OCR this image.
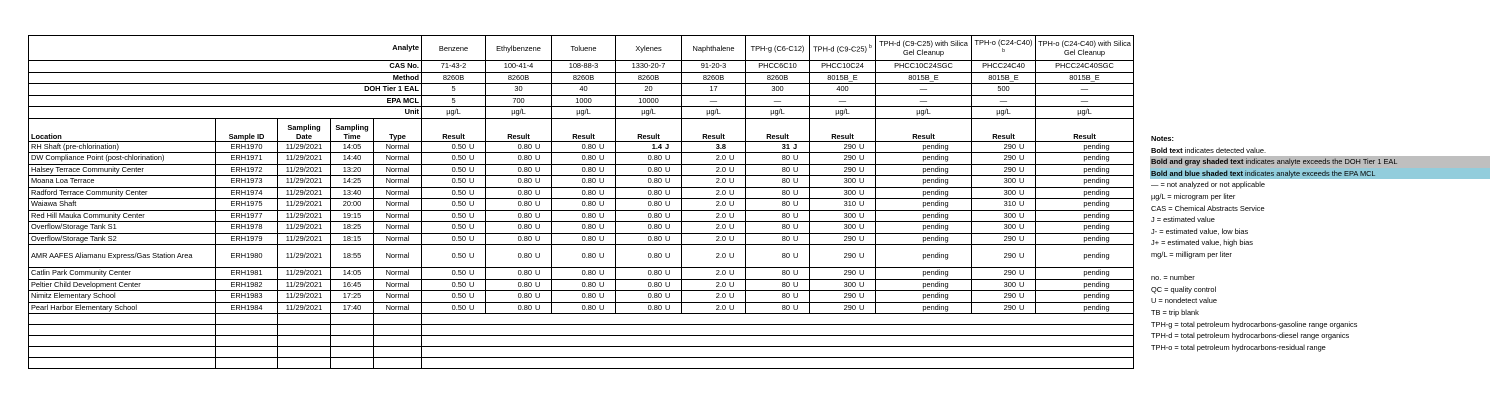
Analyte					Benzene	Ethylbenzene	Toluene	Xylenes	Naphthalene	TPH-g (C6-C12)	TPH-d (C9-C25) $^b$	TPH-d (C9-C25) with Silica Gel Cleanup	TPH-o (C24-C40) $^b$	TPH-o (C24-C40) with Silica Gel Cleanup
CAS No.					71-43-2	100-41-4	108-88-3	1330-20-7	91-20-3	PHCC6C10	PHCC10C24	PHCC10C24SGC	PHCC24C40	PHCC24C40SGC
Method					8260B	8260B	8260B	8260B	8260B	8260B	8015B_E	8015B_E	8015B_E	8015B_E
DOH Tier 1 EAL					5	30	40	20	17	300	400	—	500	—
EPA MCL					5	700	1000	10000	—	—	—	—	—	—
Unit					µg/L	µg/L	µg/L	µg/L	µg/L	µg/L	µg/L	µg/L	µg/L	µg/L
Location	Sample ID	Sampling Date	Sampling Time	Type	Result	Result	Result	Result	Result	Result	Result	Result	Result	Result
RH Shaft (pre-chlorination)	ERH1970	11/29/2021	14:05	Normal	0.50 U	0.80 U	0.80 U	1.4 J	3.8	31 J	290 U	pending	290 U	pending
DW Compliance Point (post-chlorination)	ERH1971	11/29/2021	14:40	Normal	0.50 U	0.80 U	0.80 U	0.80 U	2.0 U	80 U	290 U	pending	290 U	pending
Halsey Terrace Community Center	ERH1972	11/29/2021	13:20	Normal	0.50 U	0.80 U	0.80 U	0.80 U	2.0 U	80 U	290 U	pending	290 U	pending
Moana Loa Terrace	ERH1973	11/29/2021	14:25	Normal	0.50 U	0.80 U	0.80 U	0.80 U	2.0 U	80 U	300 U	pending	300 U	pending
Radford Terrace Community Center	ERH1974	11/29/2021	13:40	Normal	0.50 U	0.80 U	0.80 U	0.80 U	2.0 U	80 U	300 U	pending	300 U	pending
Waiawa Shaft	ERH1975	11/29/2021	20:00	Normal	0.50 U	0.80 U	0.80 U	0.80 U	2.0 U	80 U	310 U	pending	310 U	pending
Red Hill Mauka Community Center	ERH1977	11/29/2021	19:15	Normal	0.50 U	0.80 U	0.80 U	0.80 U	2.0 U	80 U	300 U	pending	300 U	pending
Overflow/Storage Tank S1	ERH1978	11/29/2021	18:25	Normal	0.50 U	0.80 U	0.80 U	0.80 U	2.0 U	80 U	300 U	pending	300 U	pending
Overflow/Storage Tank S2	ERH1979	11/29/2021	18:15	Normal	0.50 U	0.80 U	0.80 U	0.80 U	2.0 U	80 U	290 U	pending	290 U	pending
AMR AAFES Aliamanu Express/Gas Station Area	ERH1980	11/29/2021	18:55	Normal	0.50 U	0.80 U	0.80 U	0.80 U	2.0 U	80 U	290 U	pending	290 U	pending
Catlin Park Community Center	ERH1981	11/29/2021	14:05	Normal	0.50 U	0.80 U	0.80 U	0.80 U	2.0 U	80 U	290 U	pending	290 U	pending
Peltier Child Development Center	ERH1982	11/29/2021	16:45	Normal	0.50 U	0.80 U	0.80 U	0.80 U	2.0 U	80 U	300 U	pending	300 U	pending
Nimitz Elementary School	ERH1983	11/29/2021	17:25	Normal	0.50 U	0.80 U	0.80 U	0.80 U	2.0 U	80 U	290 U	pending	290 U	pending
Pearl Harbor Elementary School	ERH1984	11/29/2021	17:40	Normal	0.50 U	0.80 U	0.80 U	0.80 U	2.0 U	80 U	290 U	pending	290 U	pending

Notes:
Bold text indicates detected value.
Bold and gray shaded text indicates analyte exceeds the DOH Tier 1 EAL
Bold and blue shaded text indicates analyte exceeds the EPA MCL
— = not analyzed or not applicable
µg/L = microgram per liter
CAS = Chemical Abstracts Service
J = estimated value
J- = estimated value, low bias
J+ = estimated value, high bias
mg/L = milligram per liter
no. = number
QC = quality control
U = nondetect value
TB = trip blank
TPH-g = total petroleum hydrocarbons-gasoline range organics
TPH-d = total petroleum hydrocarbons-diesel range organics
TPH-o = total petroleum hydrocarbons-residual range
